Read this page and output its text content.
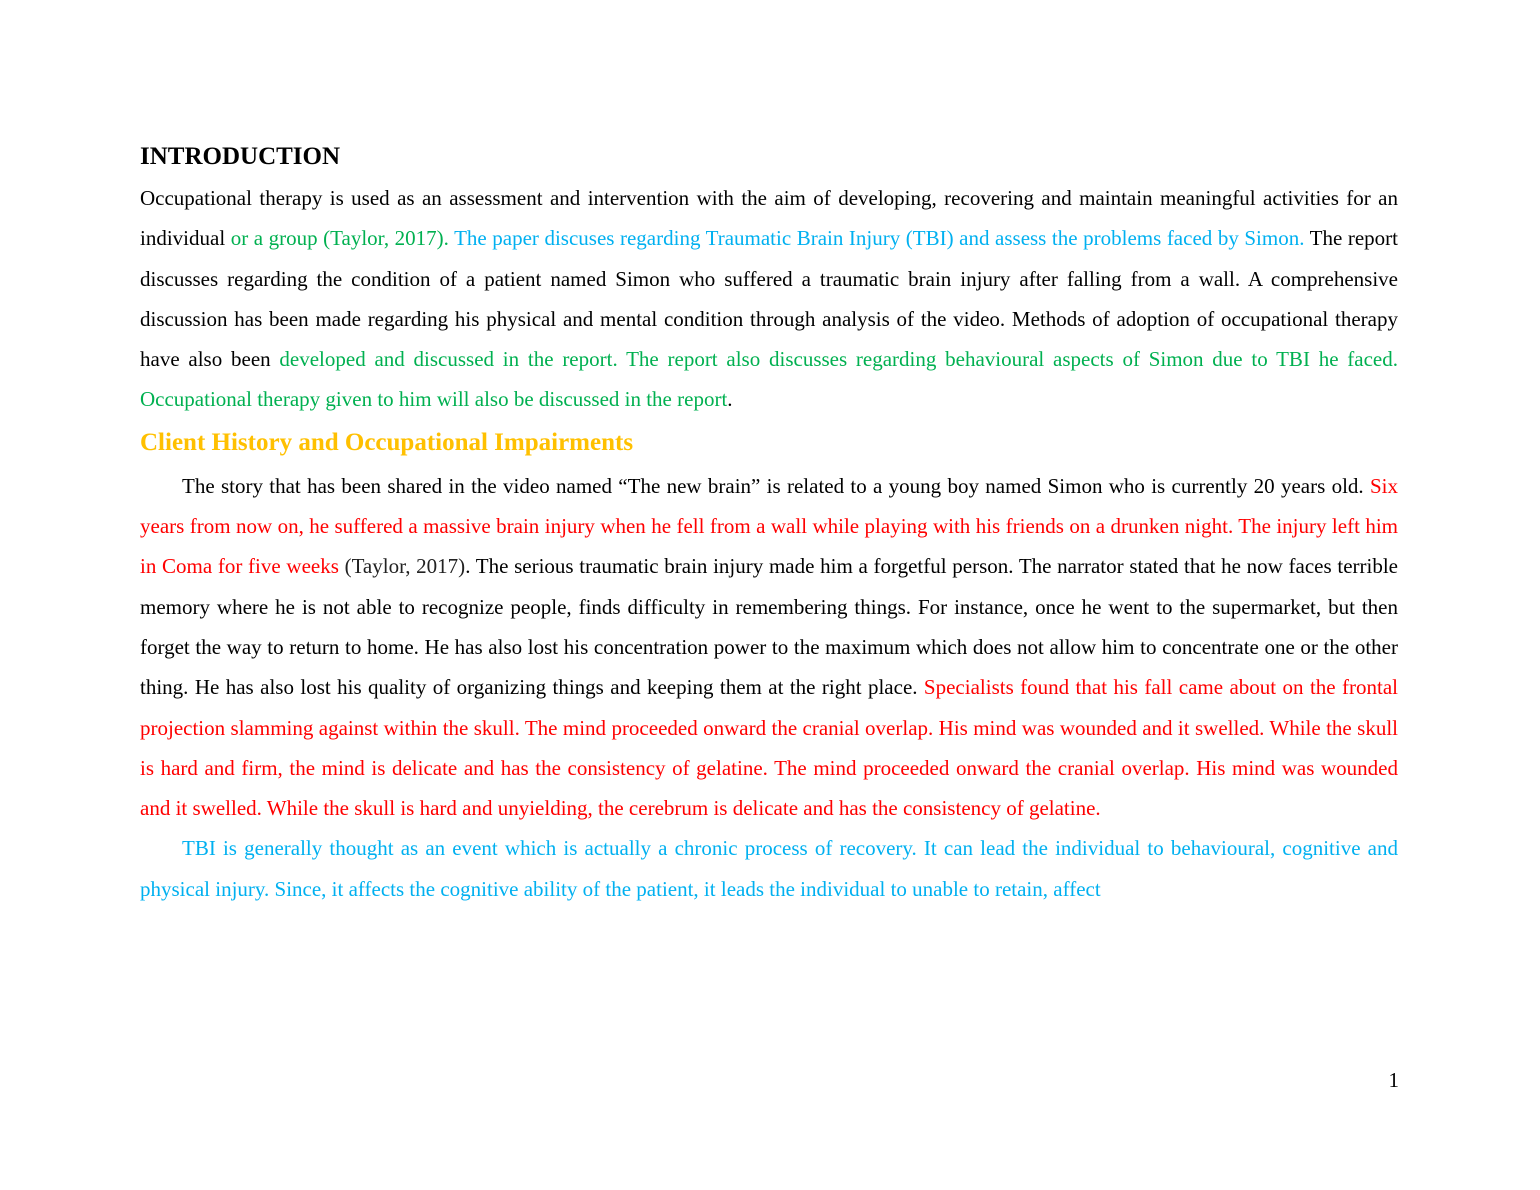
INTRODUCTION

Occupational therapy is used as an assessment and intervention with the aim of developing, recovering and maintain meaningful activities for an individual or a group (Taylor, 2017). The paper discuses regarding Traumatic Brain Injury (TBI) and assess the problems faced by Simon. The report discusses regarding the condition of a patient named Simon who suffered a traumatic brain injury after falling from a wall. A comprehensive discussion has been made regarding his physical and mental condition through analysis of the video. Methods of adoption of occupational therapy have also been developed and discussed in the report. The report also discusses regarding behavioural aspects of Simon due to TBI he faced. Occupational therapy given to him will also be discussed in the report.

Client History and Occupational Impairments

The story that has been shared in the video named “The new brain” is related to a young boy named Simon who is currently 20 years old. Six years from now on, he suffered a massive brain injury when he fell from a wall while playing with his friends on a drunken night. The injury left him in Coma for five weeks (Taylor, 2017). The serious traumatic brain injury made him a forgetful person. The narrator stated that he now faces terrible memory where he is not able to recognize people, finds difficulty in remembering things. For instance, once he went to the supermarket, but then forget the way to return to home. He has also lost his concentration power to the maximum which does not allow him to concentrate one or the other thing. He has also lost his quality of organizing things and keeping them at the right place. Specialists found that his fall came about on the frontal projection slamming against within the skull. The mind proceeded onward the cranial overlap. His mind was wounded and it swelled. While the skull is hard and firm, the mind is delicate and has the consistency of gelatine. The mind proceeded onward the cranial overlap. His mind was wounded and it swelled. While the skull is hard and unyielding, the cerebrum is delicate and has the consistency of gelatine.

TBI is generally thought as an event which is actually a chronic process of recovery. It can lead the individual to behavioural, cognitive and physical injury. Since, it affects the cognitive ability of the patient, it leads the individual to unable to retain, affect

1
